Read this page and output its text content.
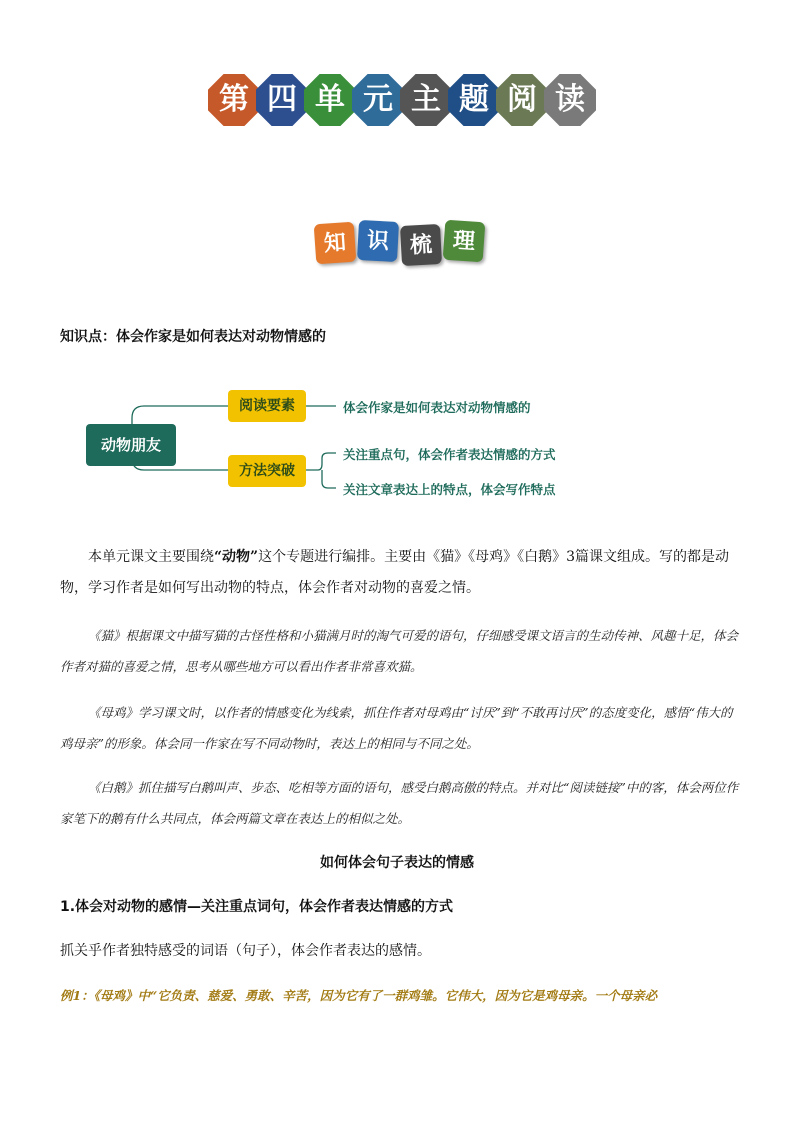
第 四 单 元 主 题 阅 读
知 识 梳 理
知识点：体会作家是如何表达对动物情感的
动物朋友
阅读要素
方法突破
体会作家是如何表达对动物情感的
关注重点句，体会作者表达情感的方式
关注文章表达上的特点，体会写作特点
本单元课文主要围绕“动物”这个专题进行编排。主要由《猫》《母鸡》《白鹅》3篇课文组成。写的都是动物，学习作者是如何写出动物的特点，体会作者对动物的喜爱之情。
《猫》根据课文中描写猫的古怪性格和小猫满月时的淘气可爱的语句，仔细感受课文语言的生动传神、风趣十足，体会作者对猫的喜爱之情，思考从哪些地方可以看出作者非常喜欢猫。
《母鸡》学习课文时，以作者的情感变化为线索，抓住作者对母鸡由“讨厌”到“不敢再讨厌”的态度变化，感悟“伟大的鸡母亲”的形象。体会同一作家在写不同动物时，表达上的相同与不同之处。
《白鹅》抓住描写白鹅叫声、步态、吃相等方面的语句，感受白鹅高傲的特点。并对比“阅读链接”中的客，体会两位作家笔下的鹅有什么共同点，体会两篇文章在表达上的相似之处。
如何体会句子表达的情感
1.体会对动物的感情—关注重点词句，体会作者表达情感的方式
抓关乎作者独特感受的词语（句子），体会作者表达的感情。
例1：《母鸡》中“它负责、慈爱、勇敢、辛苦，因为它有了一群鸡雏。它伟大，因为它是鸡母亲。一个母亲必
